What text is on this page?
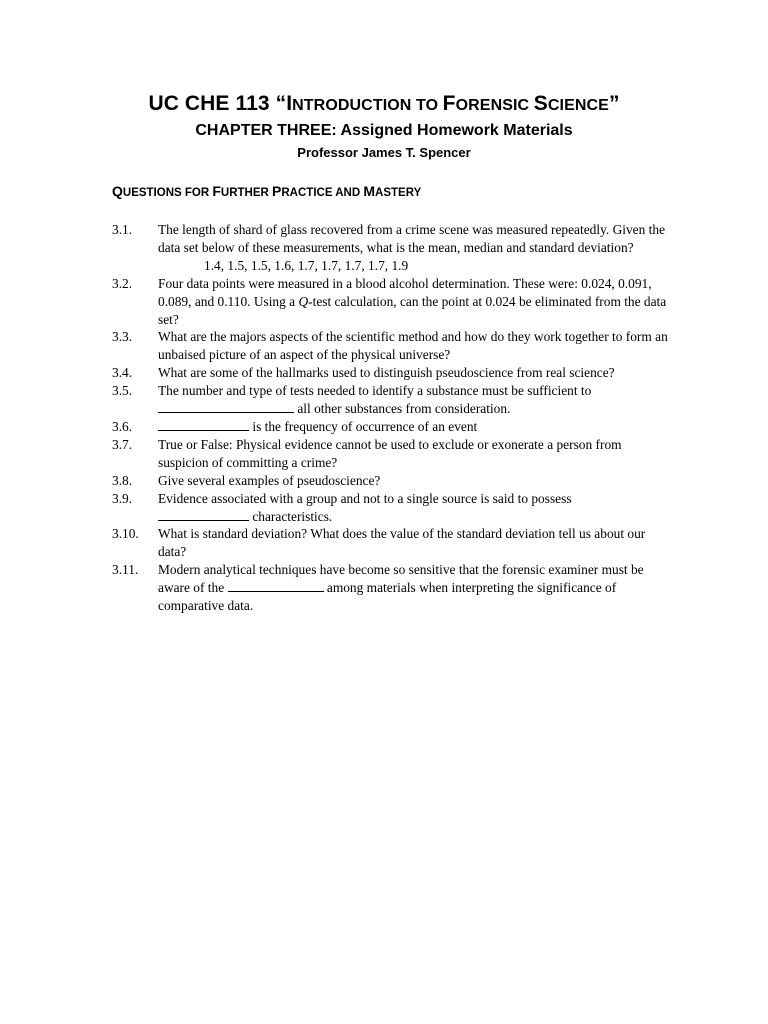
UC CHE 113 “INTRODUCTION TO FORENSIC SCIENCE”
CHAPTER THREE: Assigned Homework Materials
Professor James T. Spencer
QUESTIONS FOR FURTHER PRACTICE AND MASTERY
3.1.	The length of shard of glass recovered from a crime scene was measured repeatedly. Given the data set below of these measurements, what is the mean, median and standard deviation?
1.4, 1.5, 1.5, 1.6, 1.7, 1.7, 1.7, 1.7, 1.9
3.2.	Four data points were measured in a blood alcohol determination. These were: 0.024, 0.091, 0.089, and 0.110. Using a Q-test calculation, can the point at 0.024 be eliminated from the data set?
3.3.	What are the majors aspects of the scientific method and how do they work together to form an unbaised picture of an aspect of the physical universe?
3.4.	What are some of the hallmarks used to distinguish pseudoscience from real science?
3.5.	The number and type of tests needed to identify a substance must be sufficient to
all other substances from consideration.
3.6.	is the frequency of occurrence of an event
3.7.	True or False: Physical evidence cannot be used to exclude or exonerate a person from suspicion of committing a crime?
3.8.	Give several examples of pseudoscience?
3.9.	Evidence associated with a group and not to a single source is said to possess
characteristics.
3.10.	What is standard deviation? What does the value of the standard deviation tell us about our data?
3.11.	Modern analytical techniques have become so sensitive that the forensic examiner must be aware of the	among materials when interpreting the significance of comparative data.
